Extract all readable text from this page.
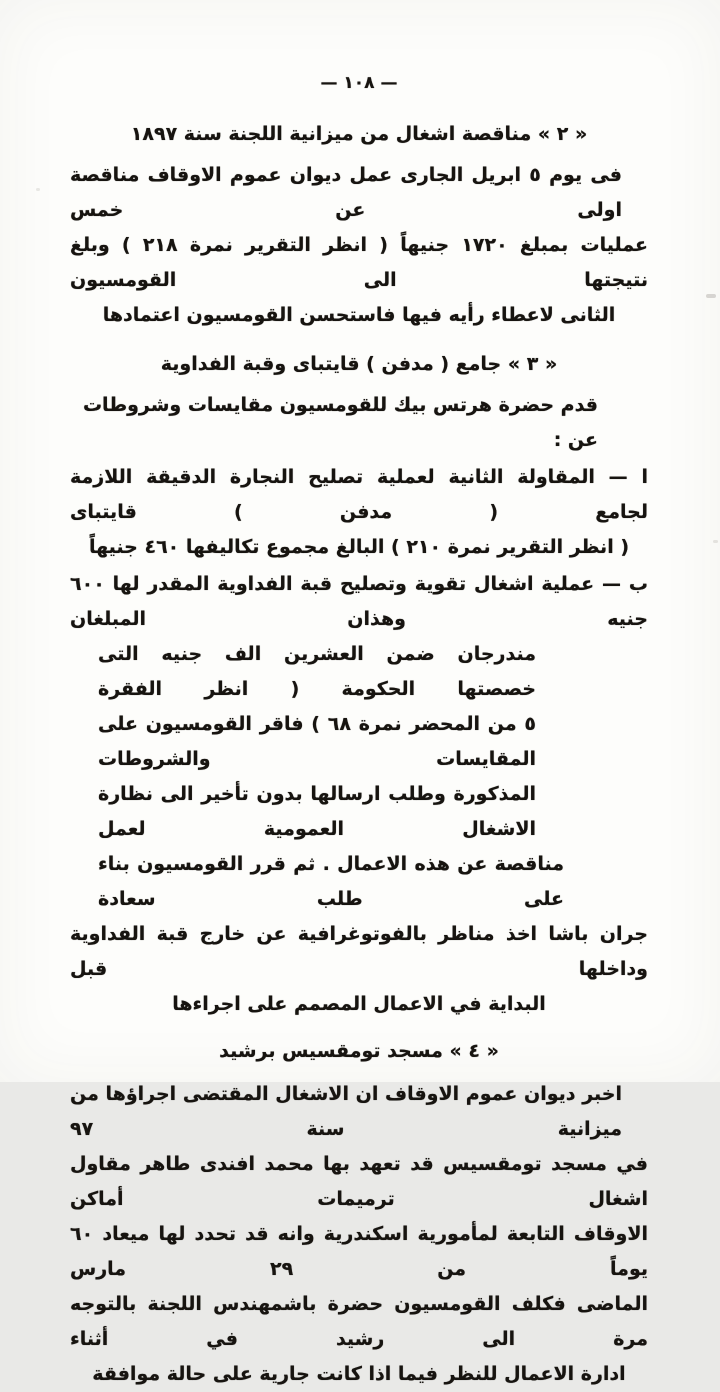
— ١٠٨ —
« ٢ » مناقصة اشغال من ميزانية اللجنة سنة ١٨٩٧
فى يوم ٥ ابريل الجارى عمل ديوان عموم الاوقاف مناقصة اولى عن خمس
عمليات بمبلغ ١٧٢٠ جنيهاً ( انظر التقرير نمرة ٢١٨ ) وبلغ نتيجتها الى القومسيون
الثانى لاعطاء رأيه فيها فاستحسن القومسيون اعتمادها
« ٣ » جامع ( مدفن ) قايتباى وقبة الفداوية
قدم حضرة هرتس بيك للقومسيون مقايسات وشروطات عن :
ا — المقاولة الثانية لعملية تصليح النجارة الدقيقة اللازمة لجامع ( مدفن ) قايتباى
( انظر التقرير نمرة ٢١٠ ) البالغ مجموع تكاليفها ٤٦٠ جنيهاً
ب — عملية اشغال تقوية وتصليح قبة الفداوية المقدر لها ٦٠٠ جنيه وهذان المبلغان
مندرجان ضمن العشرين الف جنيه التى خصصتها الحكومة ( انظر الفقرة
٥ من المحضر نمرة ٦٨ ) فاقر القومسيون على المقايسات والشروطات
المذكورة وطلب ارسالها بدون تأخير الى نظارة الاشغال العمومية لعمل
مناقصة عن هذه الاعمال . ثم قرر القومسيون بناء على طلب سعادة
جران باشا اخذ مناظر بالفوتوغرافية عن خارج قبة الفداوية وداخلها قبل
البداية في الاعمال المصمم على اجراءها
« ٤ » مسجد تومقسيس برشيد
اخبر ديوان عموم الاوقاف ان الاشغال المقتضى اجراؤها من ميزانية سنة ٩٧
في مسجد تومقسيس قد تعهد بها محمد افندى طاهر مقاول اشغال ترميمات أماكن
الاوقاف التابعة لمأمورية اسكندرية وانه قد تحدد لها ميعاد ٦٠ يوماً من ٢٩ مارس
الماضى فكلف القومسيون حضرة باشمهندس اللجنة بالتوجه مرة الى رشيد في أثناء
ادارة الاعمال للنظر فيما اذا كانت جارية على حالة موافقة
